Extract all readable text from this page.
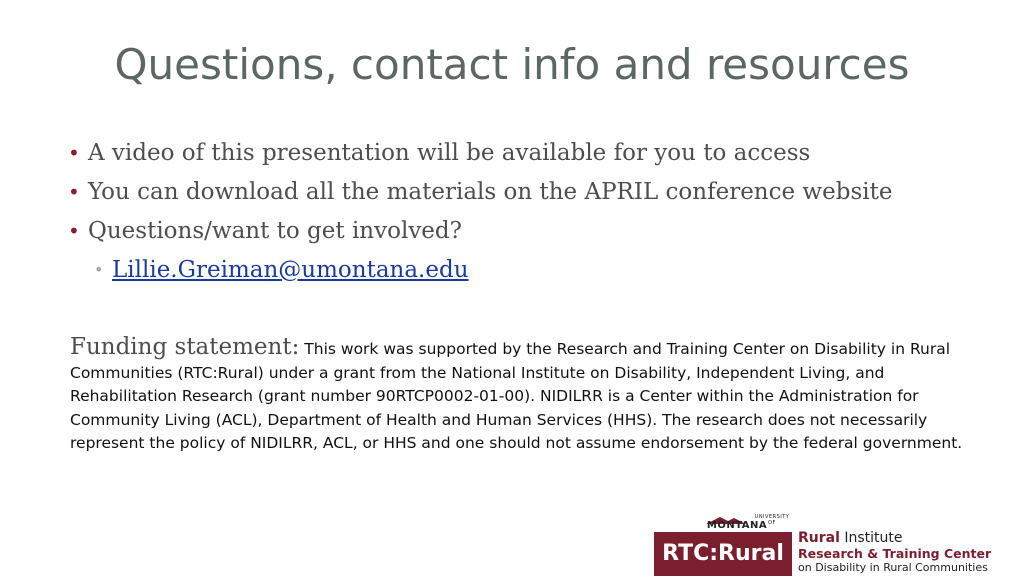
Questions, contact info and resources
• A video of this presentation will be available for you to access
• You can download all the materials on the APRIL conference website
• Questions/want to get involved?
• Lillie.Greiman@umontana.edu

Funding statement: This work was supported by the Research and Training Center on Disability in Rural Communities (RTC:Rural) under a grant from the National Institute on Disability, Independent Living, and Rehabilitation Research (grant number 90RTCP0002-01-00). NIDILRR is a Center within the Administration for Community Living (ACL), Department of Health and Human Services (HHS). The research does not necessarily represent the policy of NIDILRR, ACL, or HHS and one should not assume endorsement by the federal government.

UNIVERSITY OF
MONTANA
RTC:Rural
Rural Institute
Research & Training Center
on Disability in Rural Communities
